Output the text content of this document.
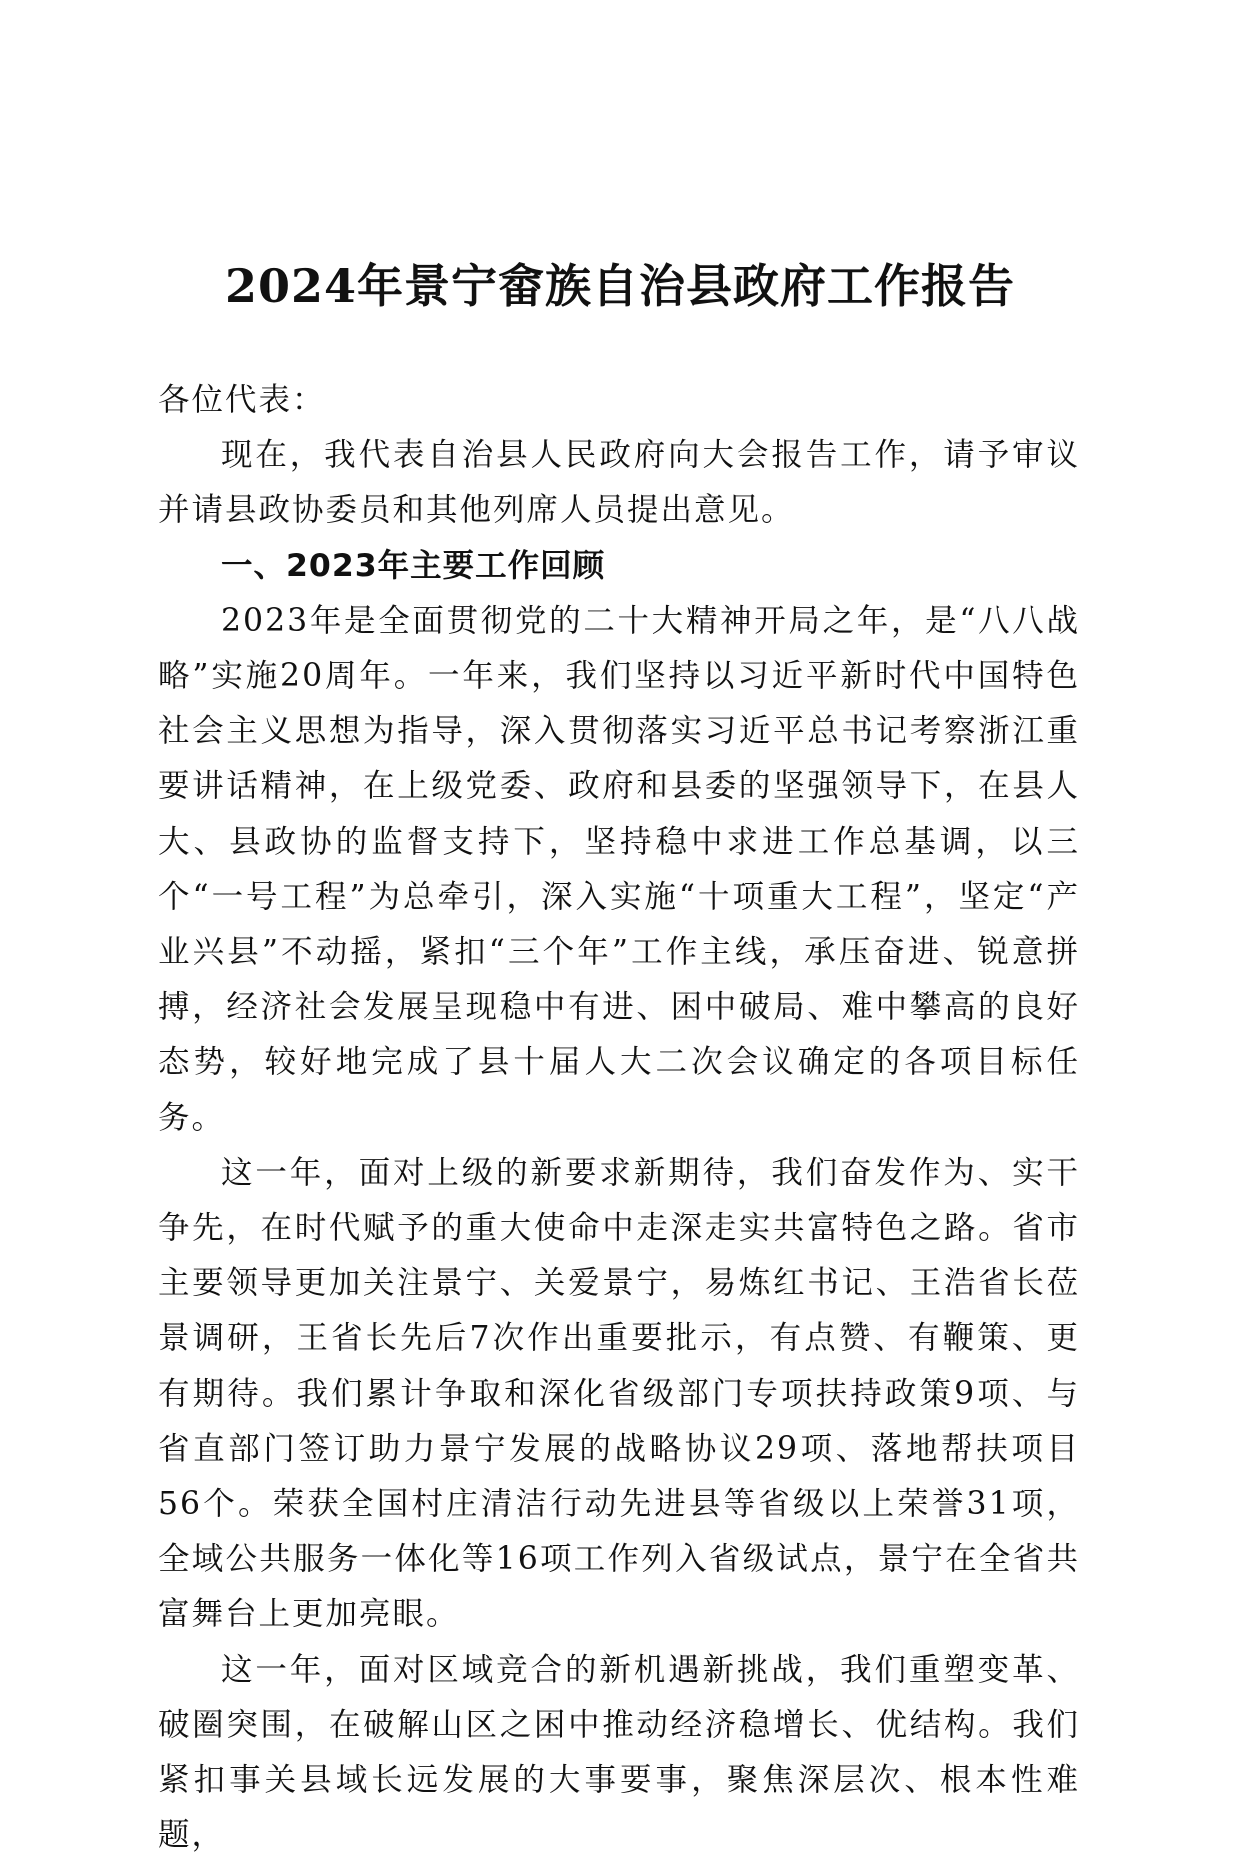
2024年景宁畲族自治县政府工作报告

各位代表：

现在，我代表自治县人民政府向大会报告工作，请予审议并请县政协委员和其他列席人员提出意见。

一、2023年主要工作回顾

2023年是全面贯彻党的二十大精神开局之年，是“八八战略”实施20周年。一年来，我们坚持以习近平新时代中国特色社会主义思想为指导，深入贯彻落实习近平总书记考察浙江重要讲话精神，在上级党委、政府和县委的坚强领导下，在县人大、县政协的监督支持下，坚持稳中求进工作总基调，以三个“一号工程”为总牵引，深入实施“十项重大工程”，坚定“产业兴县”不动摇，紧扣“三个年”工作主线，承压奋进、锐意拼搏，经济社会发展呈现稳中有进、困中破局、难中攀高的良好态势，较好地完成了县十届人大二次会议确定的各项目标任务。

这一年，面对上级的新要求新期待，我们奋发作为、实干争先，在时代赋予的重大使命中走深走实共富特色之路。省市主要领导更加关注景宁、关爱景宁，易炼红书记、王浩省长莅景调研，王省长先后7次作出重要批示，有点赞、有鞭策、更有期待。我们累计争取和深化省级部门专项扶持政策9项、与省直部门签订助力景宁发展的战略协议29项、落地帮扶项目56个。荣获全国村庄清洁行动先进县等省级以上荣誉31项，全域公共服务一体化等16项工作列入省级试点，景宁在全省共富舞台上更加亮眼。

这一年，面对区域竞合的新机遇新挑战，我们重塑变革、破圈突围，在破解山区之困中推动经济稳增长、优结构。我们紧扣事关县域长远发展的大事要事，聚焦深层次、根本性难题，
